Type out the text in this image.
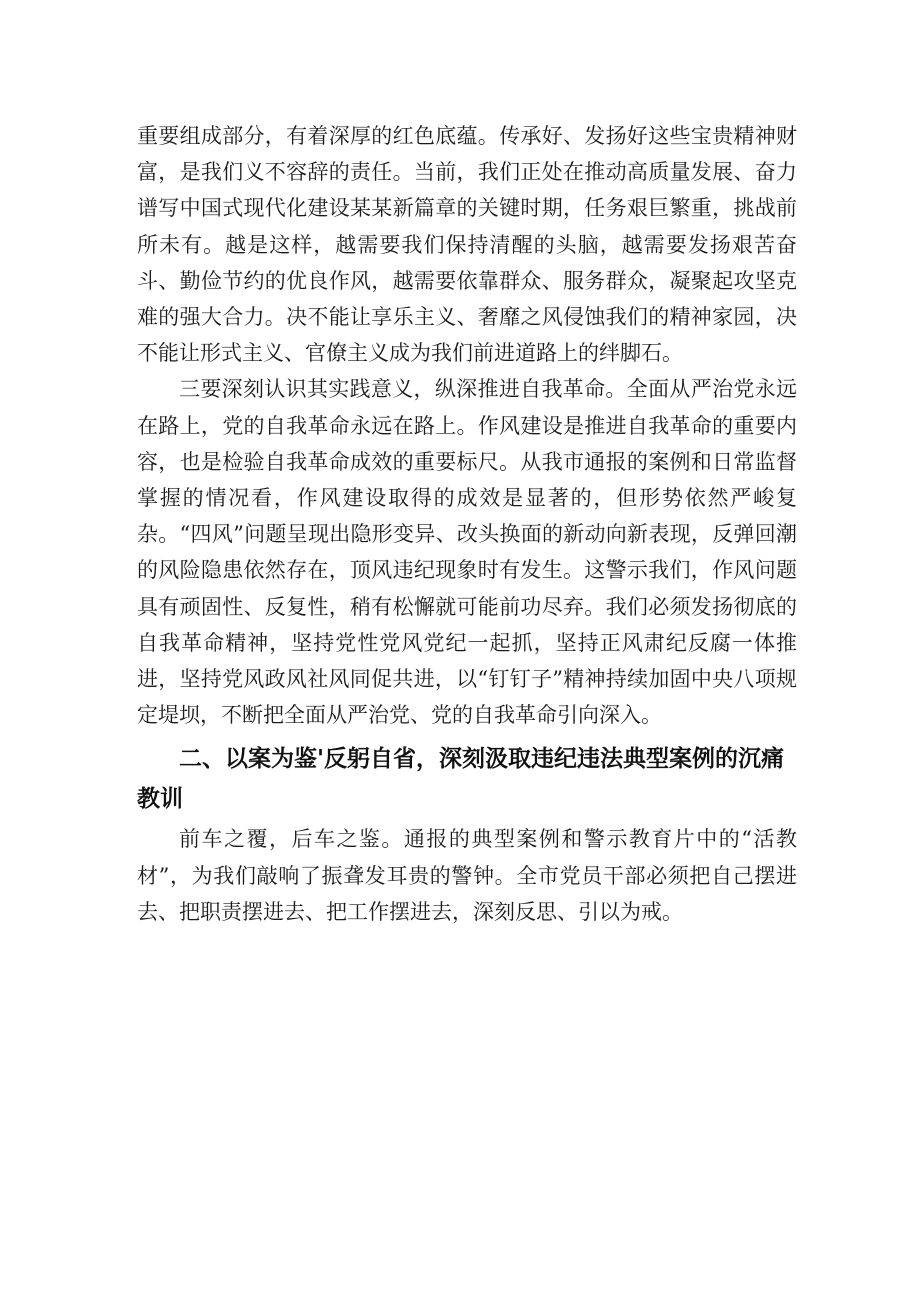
重要组成部分，有着深厚的红色底蕴。传承好、发扬好这些宝贵精神财富，是我们义不容辞的责任。当前，我们正处在推动高质量发展、奋力谱写中国式现代化建设某某新篇章的关键时期，任务艰巨繁重，挑战前所未有。越是这样，越需要我们保持清醒的头脑，越需要发扬艰苦奋斗、勤俭节约的优良作风，越需要依靠群众、服务群众，凝聚起攻坚克难的强大合力。决不能让享乐主义、奢靡之风侵蚀我们的精神家园，决不能让形式主义、官僚主义成为我们前进道路上的绊脚石。

三要深刻认识其实践意义，纵深推进自我革命。全面从严治党永远在路上，党的自我革命永远在路上。作风建设是推进自我革命的重要内容，也是检验自我革命成效的重要标尺。从我市通报的案例和日常监督掌握的情况看，作风建设取得的成效是显著的，但形势依然严峻复杂。“四风”问题呈现出隐形变异、改头换面的新动向新表现，反弹回潮的风险隐患依然存在，顶风违纪现象时有发生。这警示我们，作风问题具有顽固性、反复性，稍有松懈就可能前功尽弃。我们必须发扬彻底的自我革命精神，坚持党性党风党纪一起抓，坚持正风肃纪反腐一体推进，坚持党风政风社风同促共进，以“钉钉子”精神持续加固中央八项规定堤坝，不断把全面从严治党、党的自我革命引向深入。

二、以案为鉴'反躬自省，深刻汲取违纪违法典型案例的沉痛教训

前车之覆，后车之鉴。通报的典型案例和警示教育片中的“活教材”，为我们敲响了振聋发耳贵的警钟。全市党员干部必须把自己摆进去、把职责摆进去、把工作摆进去，深刻反思、引以为戒。
